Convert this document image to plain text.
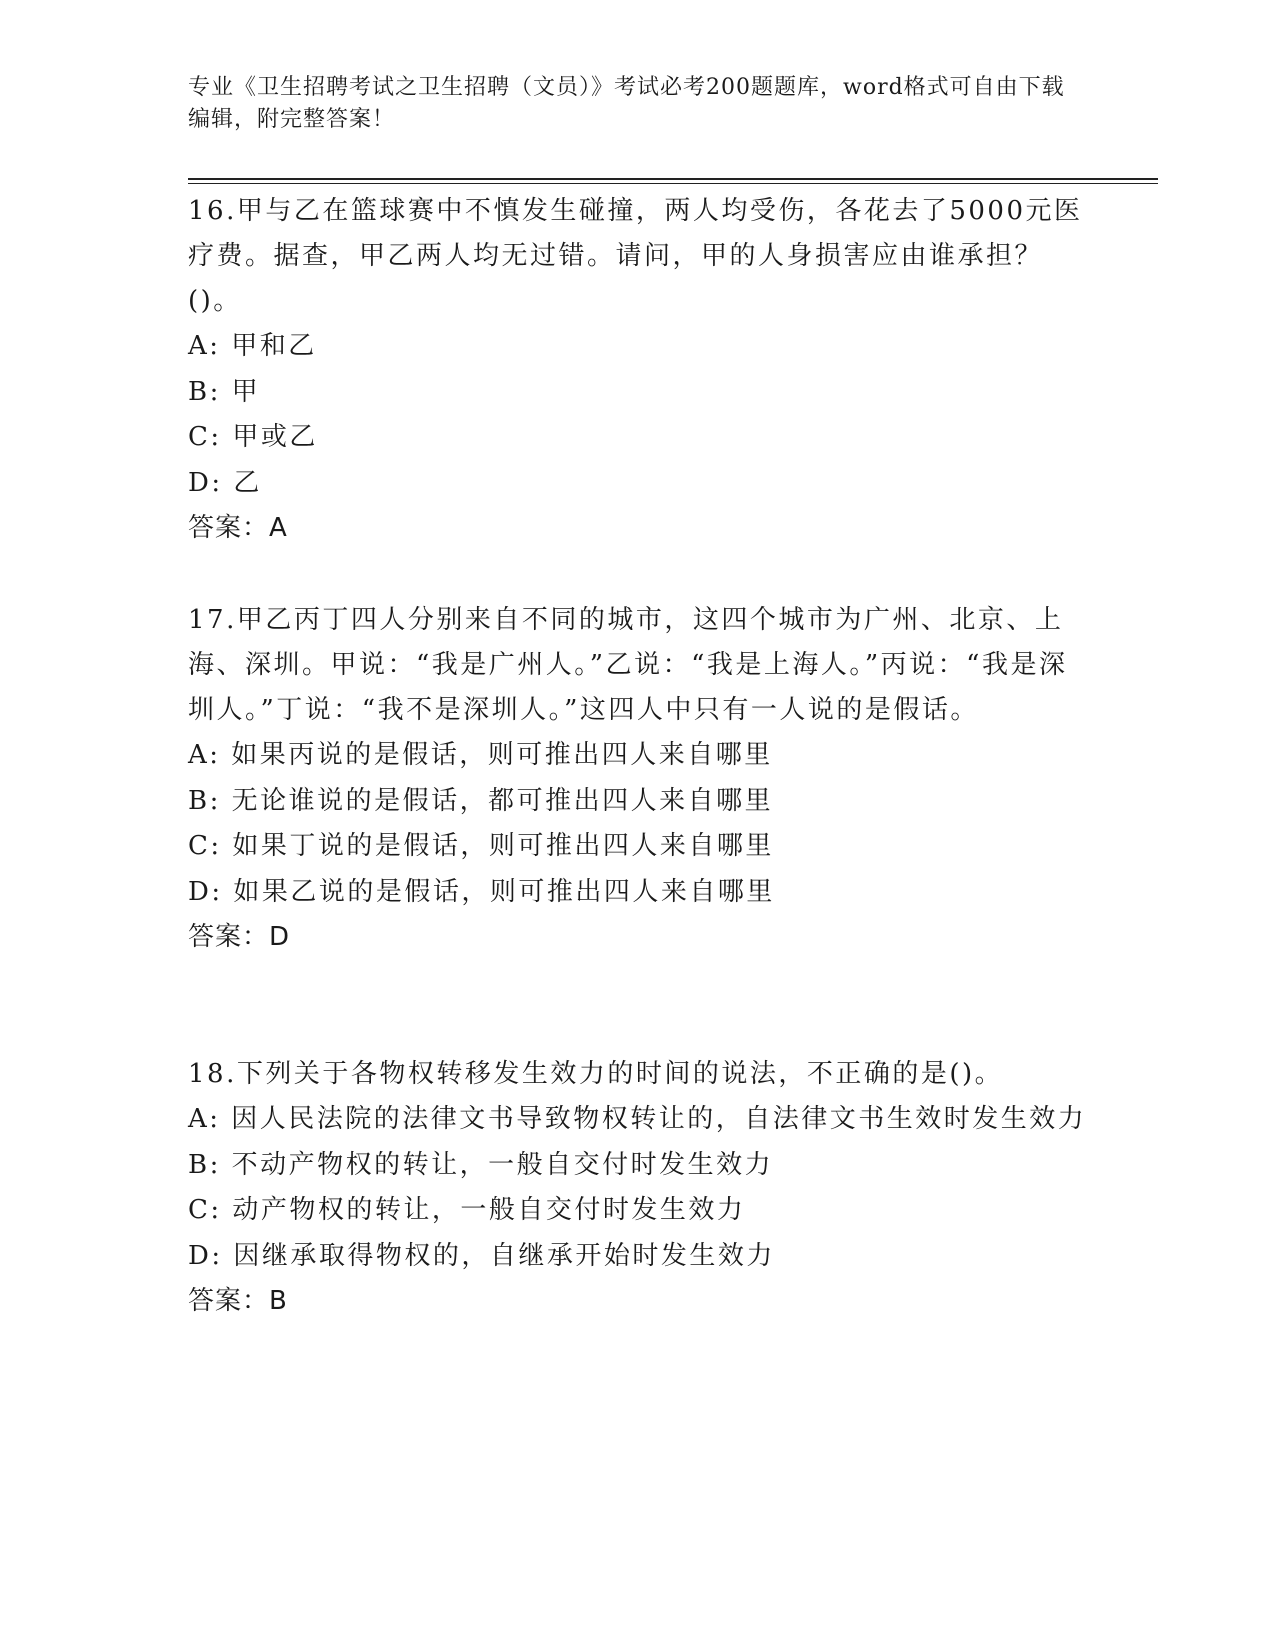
专业《卫生招聘考试之卫生招聘（文员）》考试必考200题题库，word格式可自由下载编辑，附完整答案！
16.甲与乙在篮球赛中不慎发生碰撞，两人均受伤，各花去了5000元医疗费。据查，甲乙两人均无过错。请问，甲的人身损害应由谁承担？()。
A: 甲和乙
B: 甲
C: 甲或乙
D: 乙
答案：A
17.甲乙丙丁四人分别来自不同的城市，这四个城市为广州、北京、上海、深圳。甲说：“我是广州人。”乙说：“我是上海人。”丙说：“我是深圳人。”丁说：“我不是深圳人。”这四人中只有一人说的是假话。
A: 如果丙说的是假话，则可推出四人来自哪里
B: 无论谁说的是假话，都可推出四人来自哪里
C: 如果丁说的是假话，则可推出四人来自哪里
D: 如果乙说的是假话，则可推出四人来自哪里
答案：D
18.下列关于各物权转移发生效力的时间的说法，不正确的是()。
A: 因人民法院的法律文书导致物权转让的，自法律文书生效时发生效力
B: 不动产物权的转让，一般自交付时发生效力
C: 动产物权的转让，一般自交付时发生效力
D: 因继承取得物权的，自继承开始时发生效力
答案：B
